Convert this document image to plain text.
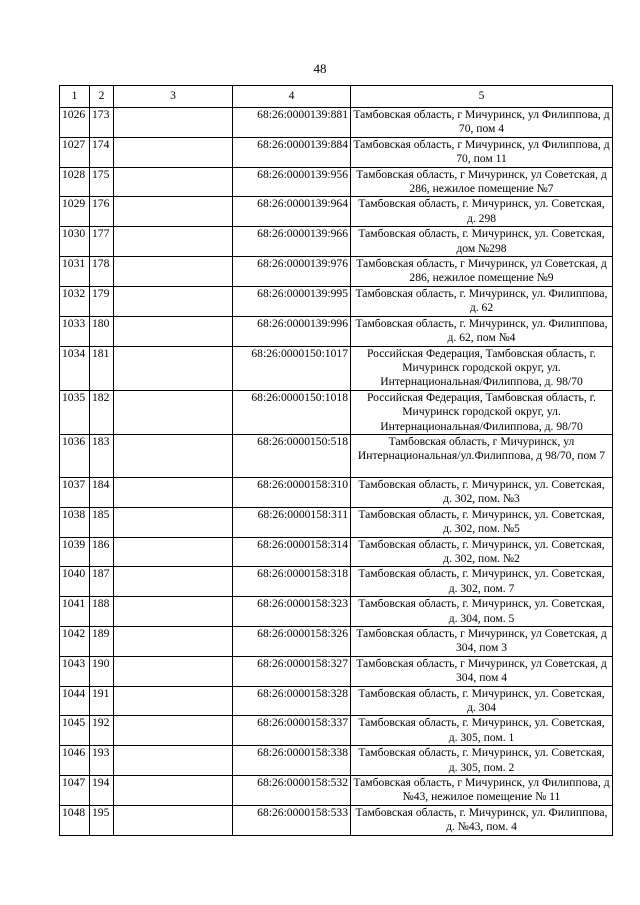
48
1	2	3	4	5
1026	173		68:26:0000139:881	Тамбовская область, г Мичуринск, ул Филиппова, д 70, пом 4
1027	174		68:26:0000139:884	Тамбовская область, г Мичуринск, ул Филиппова, д 70, пом 11
1028	175		68:26:0000139:956	Тамбовская область, г Мичуринск, ул Советская, д 286, нежилое помещение №7
1029	176		68:26:0000139:964	Тамбовская область, г. Мичуринск, ул. Советская, д. 298
1030	177		68:26:0000139:966	Тамбовская область, г. Мичуринск, ул. Советская, дом №298
1031	178		68:26:0000139:976	Тамбовская область, г Мичуринск, ул Советская, д 286, нежилое помещение №9
1032	179		68:26:0000139:995	Тамбовская область, г. Мичуринск, ул. Филиппова, д. 62
1033	180		68:26:0000139:996	Тамбовская область, г. Мичуринск, ул. Филиппова, д. 62, пом №4
1034	181		68:26:0000150:1017	Российская Федерация, Тамбовская область, г. Мичуринск городской округ, ул. Интернациональная/Филиппова, д. 98/70
1035	182		68:26:0000150:1018	Российская Федерация, Тамбовская область, г. Мичуринск городской округ, ул. Интернациональная/Филиппова, д. 98/70
1036	183		68:26:0000150:518	Тамбовская область, г Мичуринск, ул Интернациональная/ул.Филиппова, д 98/70, пом 7
1037	184		68:26:0000158:310	Тамбовская область, г. Мичуринск, ул. Советская, д. 302, пом. №3
1038	185		68:26:0000158:311	Тамбовская область, г. Мичуринск, ул. Советская, д. 302, пом. №5
1039	186		68:26:0000158:314	Тамбовская область, г. Мичуринск, ул. Советская, д. 302, пом. №2
1040	187		68:26:0000158:318	Тамбовская область, г. Мичуринск, ул. Советская, д. 302, пом. 7
1041	188		68:26:0000158:323	Тамбовская область, г. Мичуринск, ул. Советская, д. 304, пом. 5
1042	189		68:26:0000158:326	Тамбовская область, г Мичуринск, ул Советская, д 304, пом 3
1043	190		68:26:0000158:327	Тамбовская область, г Мичуринск, ул Советская, д 304, пом 4
1044	191		68:26:0000158:328	Тамбовская область, г. Мичуринск, ул. Советская, д. 304
1045	192		68:26:0000158:337	Тамбовская область, г. Мичуринск, ул. Советская, д. 305, пом. 1
1046	193		68:26:0000158:338	Тамбовская область, г. Мичуринск, ул. Советская, д. 305, пом. 2
1047	194		68:26:0000158:532	Тамбовская область, г Мичуринск, ул Филиппова, д №43, нежилое помещение № 11
1048	195		68:26:0000158:533	Тамбовская область, г. Мичуринск, ул. Филиппова, д. №43, пом. 4
